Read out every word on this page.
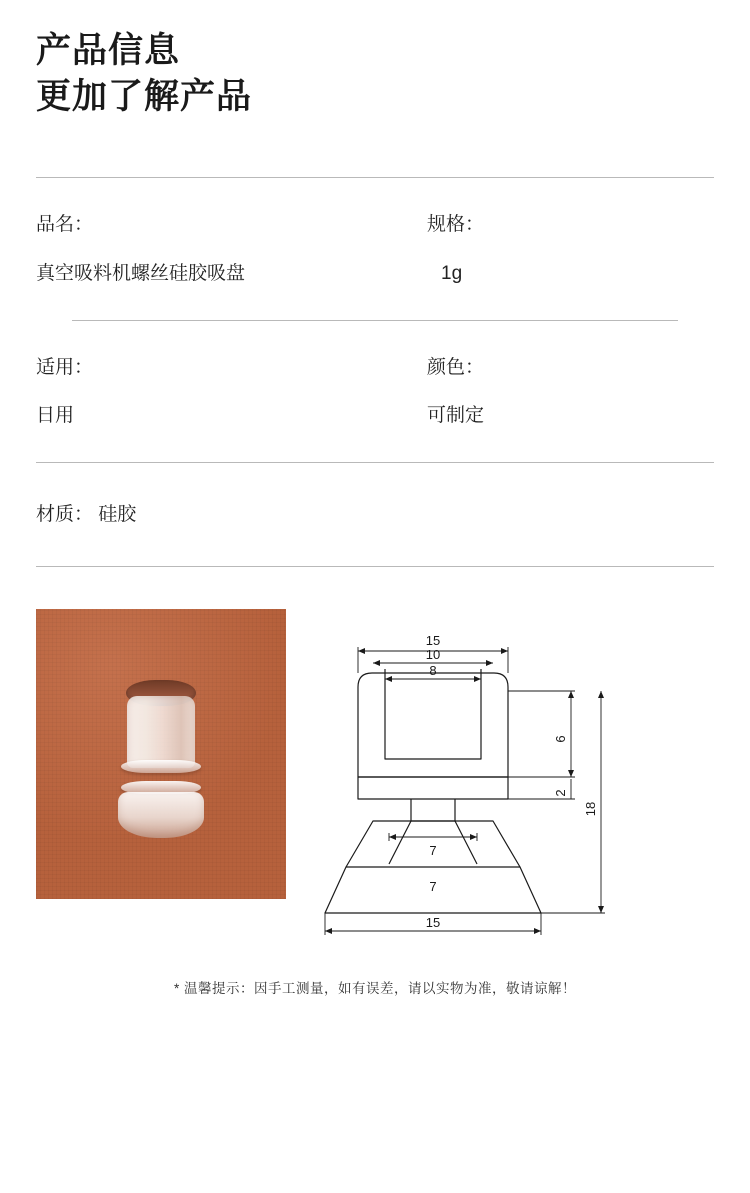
产品信息
更加了解产品
品名：
真空吸料机螺丝硅胶吸盘
规格：
1g
适用：
日用
颜色：
可制定
材质： 硅胶
15
10
8
6
2
18
7
7
15
* 温馨提示：因手工测量，如有误差，请以实物为准，敬请谅解！
